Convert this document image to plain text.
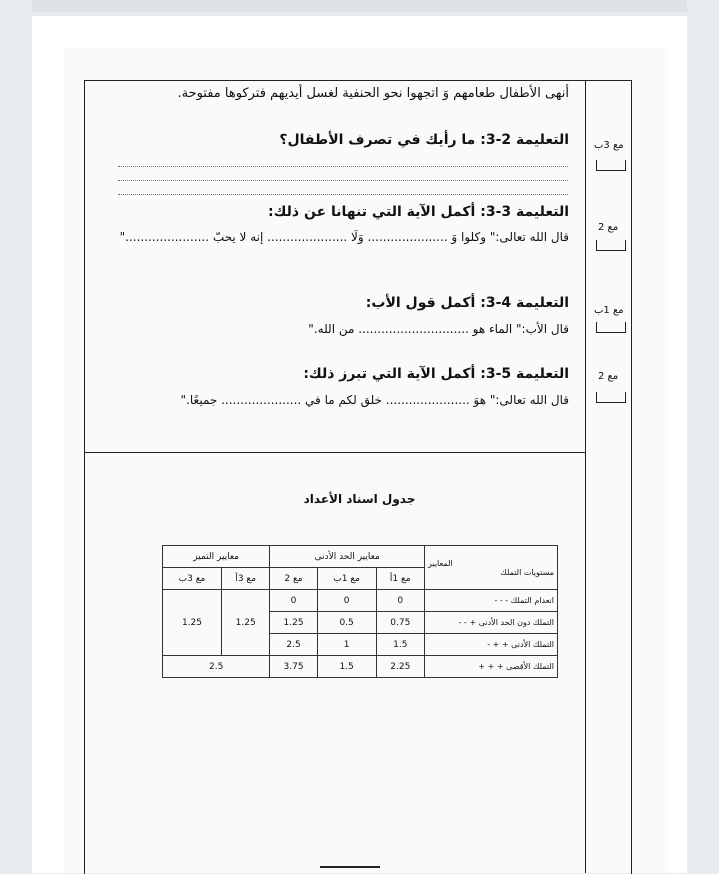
أنهى الأطفال طعامهم وَ اتجهوا نحو الحنفية لغسل أيديهم فتركوها مفتوحة.
التعليمة 2-3: ما رأيك في تصرف الأطفال؟
التعليمة 3-3: أكمل الآية التي تنهانا عن ذلك:
قال الله تعالى:" وكلوا وَ ..................... وَلَا ..................... إنه لا يحبّ ......................"
التعليمة 4-3: أكمل قول الأب:
قال الأب:" الماء هو ............................. من الله."
التعليمة 5-3: أكمل الآية التي تبرز ذلك:
قال الله تعالى:" هوَ ...................... خلق لكم ما في ..................... جميعًا."
مع 3ب
مع 2
مع 1ب
مع 2
جدول اسناد الأعداد
المعايير
مستويات التملك	معايير الحد الأدنى			معايير التميز	
	مع 1أ	مع 1ب	مع 2	مع 3أ	مع 3ب
انعدام التملك - - -	0	0	0	1.25	1.25
التملك دون الحد الأدنى + - -	0.75	0.5	1.25		
التملك الأدنى + + -	1.5	1	2.5		
التملك الأقصى + + +	2.25	1.5	3.75	2.5	
